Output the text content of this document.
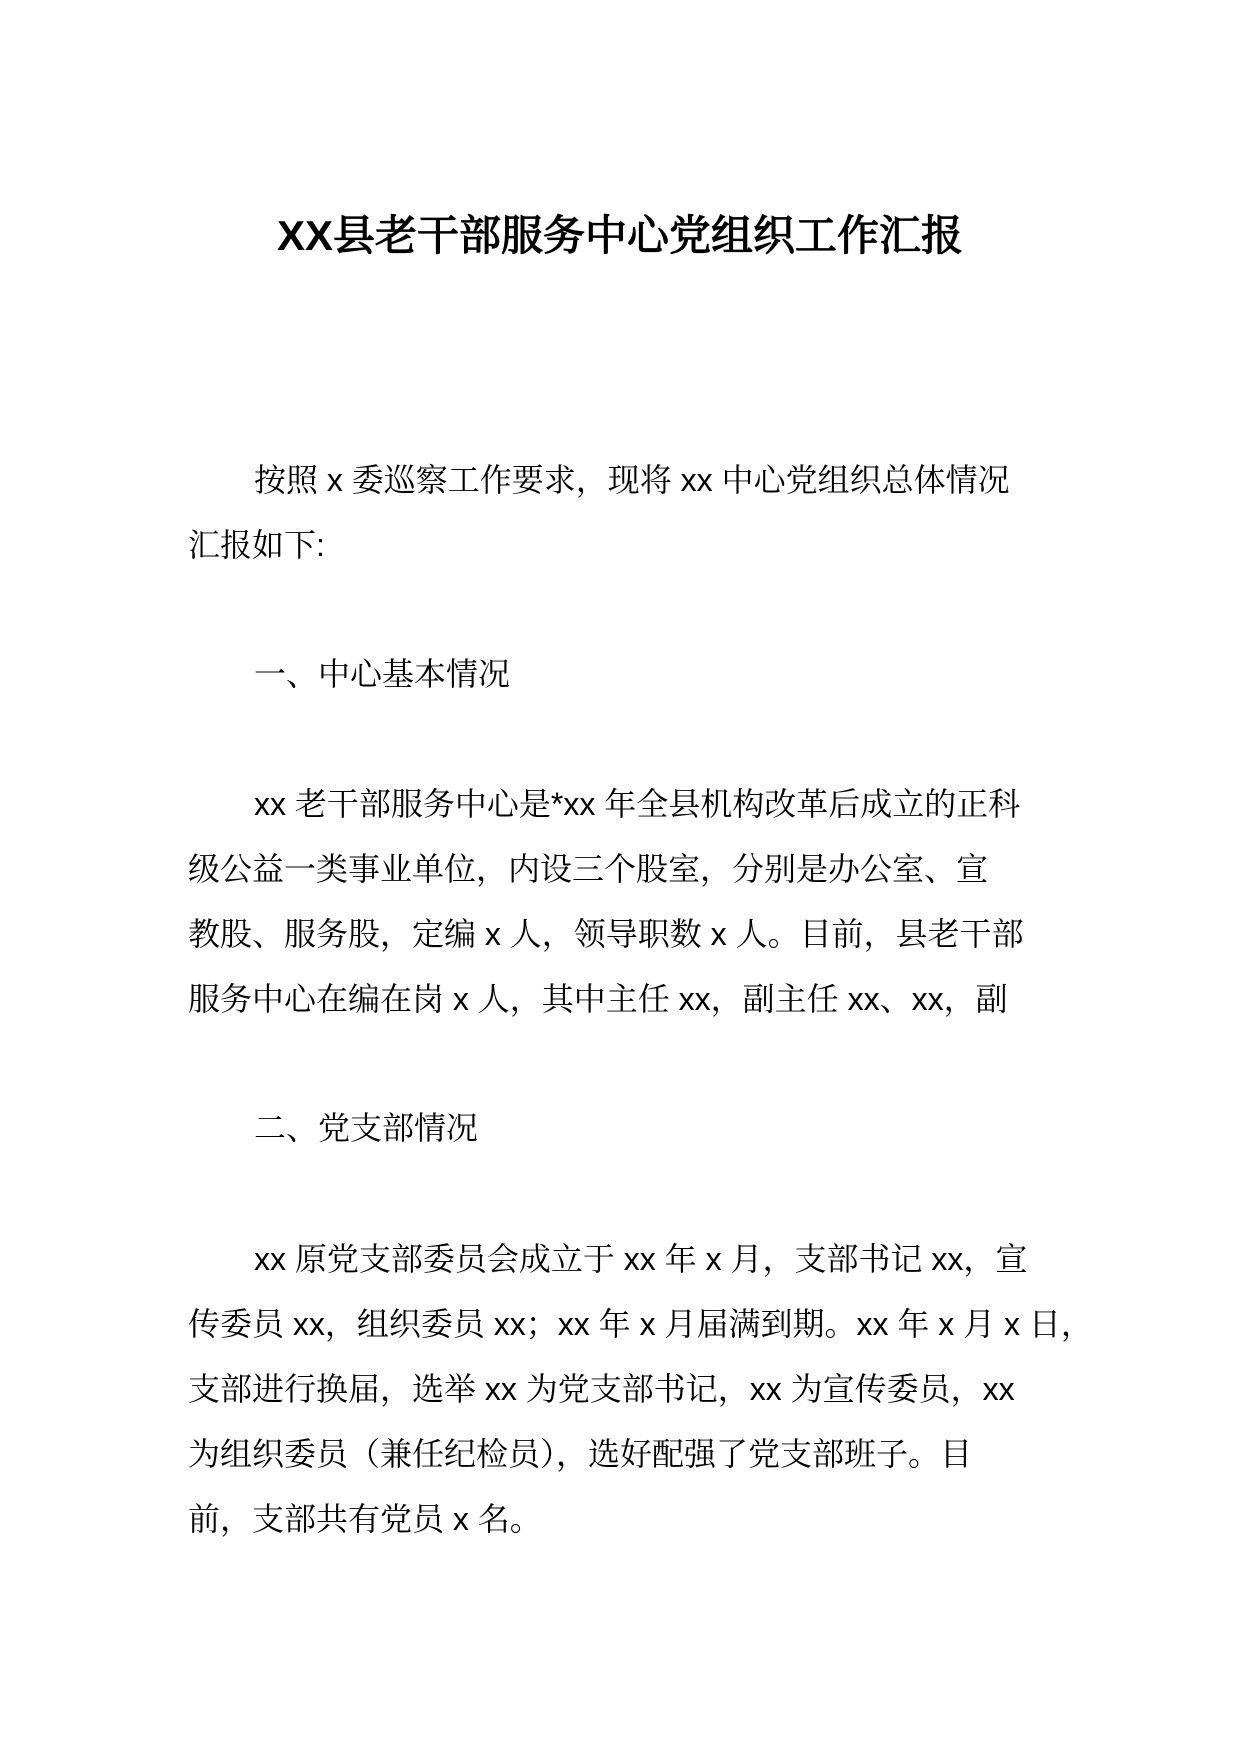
XX县老干部服务中心党组织工作汇报
按照 x 委巡察工作要求，现将 xx 中心党组织总体情况
汇报如下:
一、中心基本情况
xx 老干部服务中心是*xx 年全县机构改革后成立的正科
级公益一类事业单位，内设三个股室，分别是办公室、宣
教股、服务股，定编 x 人，领导职数 x 人。目前，县老干部
服务中心在编在岗 x 人，其中主任 xx，副主任 xx、xx，副
二、党支部情况
xx 原党支部委员会成立于 xx 年 x 月，支部书记 xx，宣
传委员 xx，组织委员 xx；xx 年 x 月届满到期。xx 年 x 月 x 日，
支部进行换届，选举 xx 为党支部书记，xx 为宣传委员，xx
为组织委员（兼任纪检员），选好配强了党支部班子。目
前，支部共有党员 x 名。
